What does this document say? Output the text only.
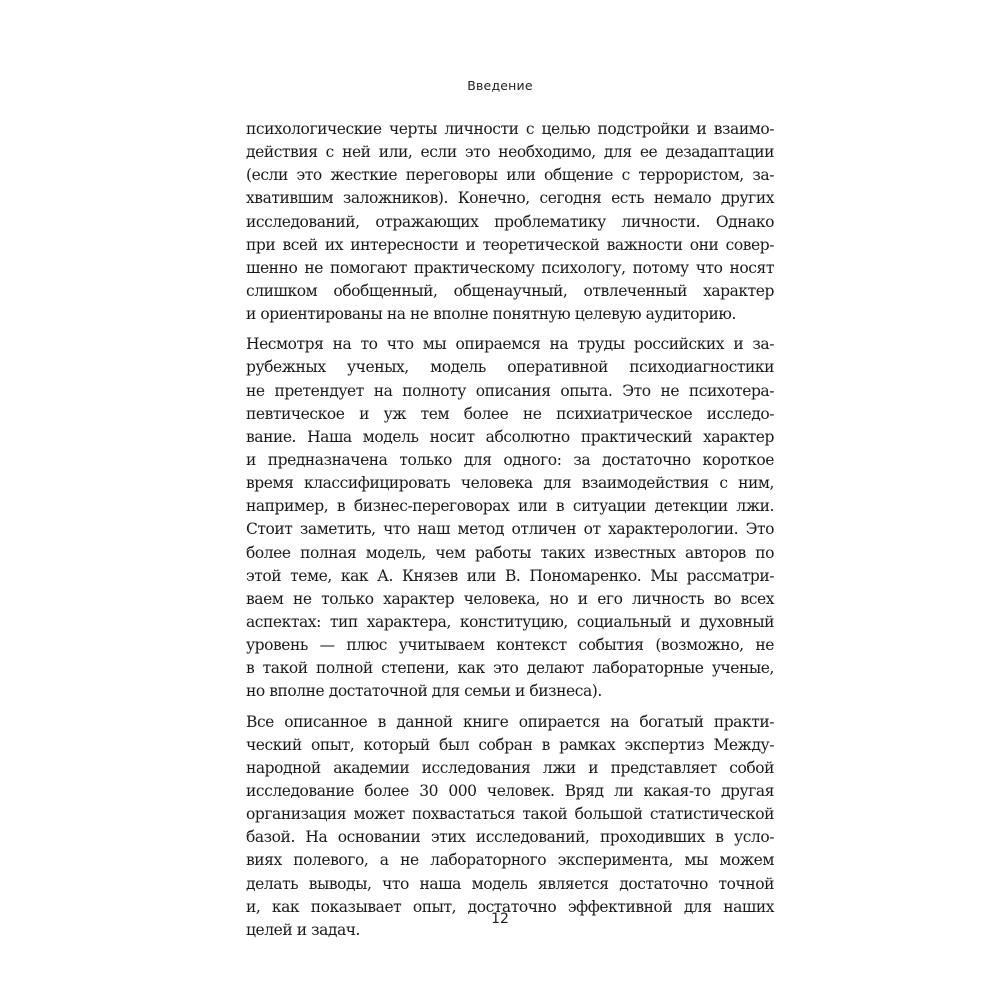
Введение
психологические черты личности с целью подстройки и взаимо-
действия с ней или, если это необходимо, для ее дезадаптации
(если это жесткие переговоры или общение с террористом, за-
хватившим заложников). Конечно, сегодня есть немало других
исследований, отражающих проблематику личности. Однако
при всей их интересности и теоретической важности они совер-
шенно не помогают практическому психологу, потому что носят
слишком обобщенный, общенаучный, отвлеченный характер
и ориентированы на не вполне понятную целевую аудиторию.
Несмотря на то что мы опираемся на труды российских и за-
рубежных ученых, модель оперативной психодиагностики
не претендует на полноту описания опыта. Это не психотера-
певтическое и уж тем более не психиатрическое исследо-
вание. Наша модель носит абсолютно практический характер
и предназначена только для одного: за достаточно короткое
время классифицировать человека для взаимодействия с ним,
например, в бизнес-переговорах или в ситуации детекции лжи.
Стоит заметить, что наш метод отличен от характерологии. Это
более полная модель, чем работы таких известных авторов по
этой теме, как А. Князев или В. Пономаренко. Мы рассматри-
ваем не только характер человека, но и его личность во всех
аспектах: тип характера, конституцию, социальный и духовный
уровень — плюс учитываем контекст события (возможно, не
в такой полной степени, как это делают лабораторные ученые,
но вполне достаточной для семьи и бизнеса).
Все описанное в данной книге опирается на богатый практи-
ческий опыт, который был собран в рамках экспертиз Между-
народной академии исследования лжи и представляет собой
исследование более 30 000 человек. Вряд ли какая-то другая
организация может похвастаться такой большой статистической
базой. На основании этих исследований, проходивших в усло-
виях полевого, а не лабораторного эксперимента, мы можем
делать выводы, что наша модель является достаточно точной
и, как показывает опыт, достаточно эффективной для наших
целей и задач.
12
